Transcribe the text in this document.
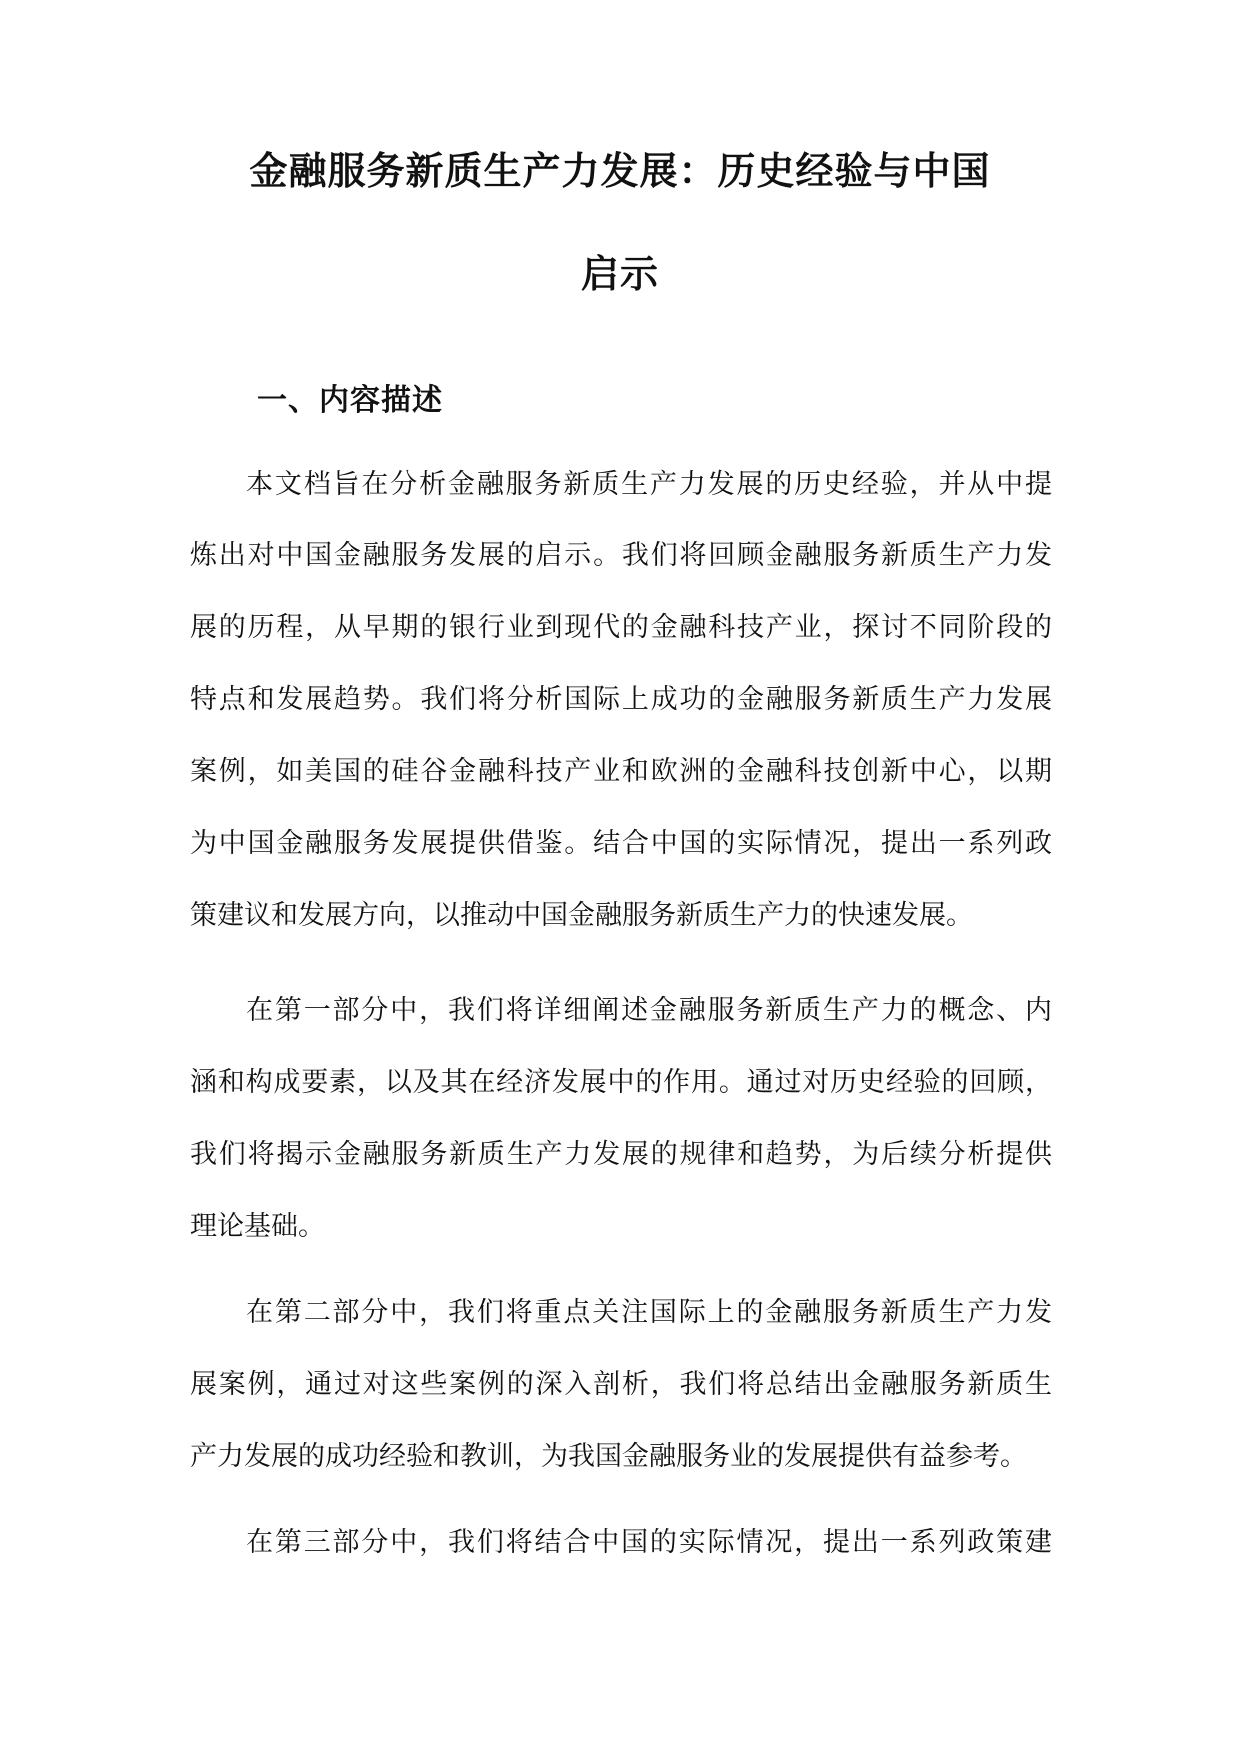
金融服务新质生产力发展：历史经验与中国
启示
一、内容描述

本文档旨在分析金融服务新质生产力发展的历史经验，并从中提

炼出对中国金融服务发展的启示。我们将回顾金融服务新质生产力发

展的历程，从早期的银行业到现代的金融科技产业，探讨不同阶段的

特点和发展趋势。我们将分析国际上成功的金融服务新质生产力发展

案例，如美国的硅谷金融科技产业和欧洲的金融科技创新中心，以期

为中国金融服务发展提供借鉴。结合中国的实际情况，提出一系列政

策建议和发展方向，以推动中国金融服务新质生产力的快速发展。

在第一部分中，我们将详细阐述金融服务新质生产力的概念、内

涵和构成要素，以及其在经济发展中的作用。通过对历史经验的回顾，

我们将揭示金融服务新质生产力发展的规律和趋势，为后续分析提供

理论基础。

在第二部分中，我们将重点关注国际上的金融服务新质生产力发

展案例，通过对这些案例的深入剖析，我们将总结出金融服务新质生

产力发展的成功经验和教训，为我国金融服务业的发展提供有益参考。

在第三部分中，我们将结合中国的实际情况，提出一系列政策建
